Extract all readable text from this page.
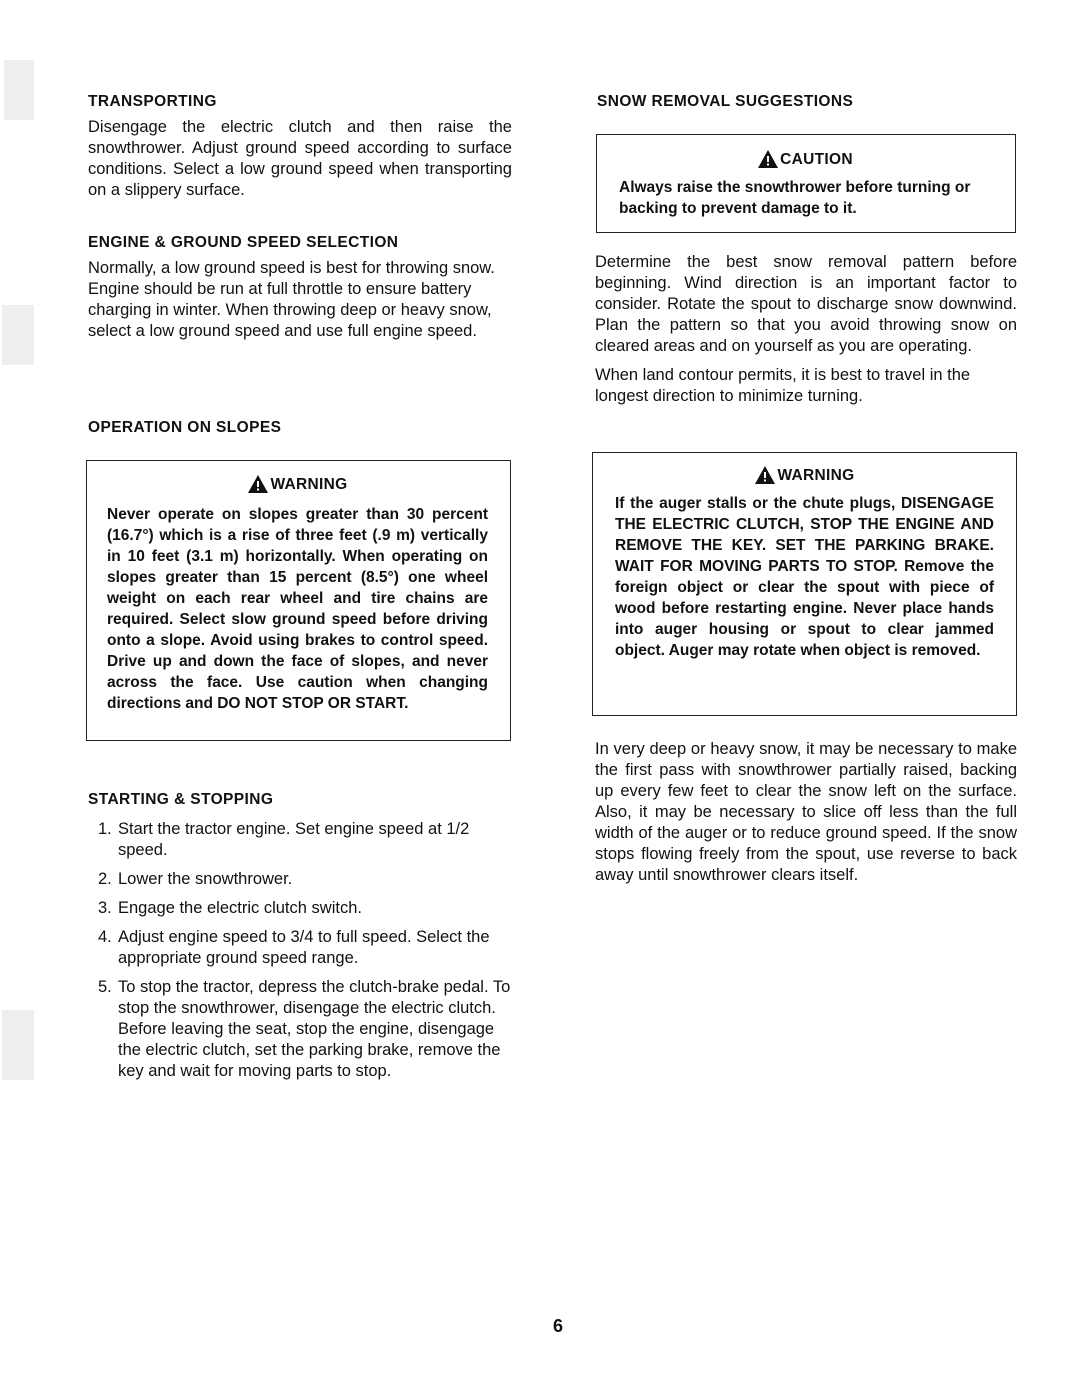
TRANSPORTING

Disengage the electric clutch and then raise the snowthrower. Adjust ground speed according to surface conditions. Select a low ground speed when transporting on a slippery surface.

ENGINE & GROUND SPEED SELECTION

Normally, a low ground speed is best for throwing snow. Engine should be run at full throttle to ensure battery charging in winter. When throwing deep or heavy snow, select a low ground speed and use full engine speed.

OPERATION ON SLOPES
WARNING

Never operate on slopes greater than 30 percent (16.7°) which is a rise of three feet (.9 m) vertically in 10 feet (3.1 m) horizontally. When operating on slopes greater than 15 percent (8.5°) one wheel weight on each rear wheel and tire chains are required. Select slow ground speed before driving onto a slope. Avoid using brakes to control speed. Drive up and down the face of slopes, and never across the face. Use caution when changing directions and DO NOT STOP OR START.

STARTING & STOPPING
1. Start the tractor engine. Set engine speed at 1/2 speed.
2. Lower the snowthrower.
3. Engage the electric clutch switch.
4. Adjust engine speed to 3/4 to full speed. Select the appropriate ground speed range.
5. To stop the tractor, depress the clutch-brake pedal. To stop the snowthrower, disengage the electric clutch. Before leaving the seat, stop the engine, disengage the electric clutch, set the parking brake, remove the key and wait for moving parts to stop.
SNOW REMOVAL SUGGESTIONS
CAUTION

Always raise the snowthrower before turning or backing to prevent damage to it.

Determine the best snow removal pattern before beginning. Wind direction is an important factor to consider. Rotate the spout to discharge snow downwind. Plan the pattern so that you avoid throwing snow on cleared areas and on yourself as you are operating.

When land contour permits, it is best to travel in the longest direction to minimize turning.

WARNING

If the auger stalls or the chute plugs, DISENGAGE THE ELECTRIC CLUTCH, STOP THE ENGINE AND REMOVE THE KEY. SET THE PARKING BRAKE. WAIT FOR MOVING PARTS TO STOP. Remove the foreign object or clear the spout with piece of wood before restarting engine. Never place hands into auger housing or spout to clear jammed object. Auger may rotate when object is removed.

In very deep or heavy snow, it may be necessary to make the first pass with snowthrower partially raised, backing up every few feet to clear the snow left on the surface. Also, it may be necessary to slice off less than the full width of the auger or to reduce ground speed. If the snow stops flowing freely from the spout, use reverse to back away until snowthrower clears itself.

6
